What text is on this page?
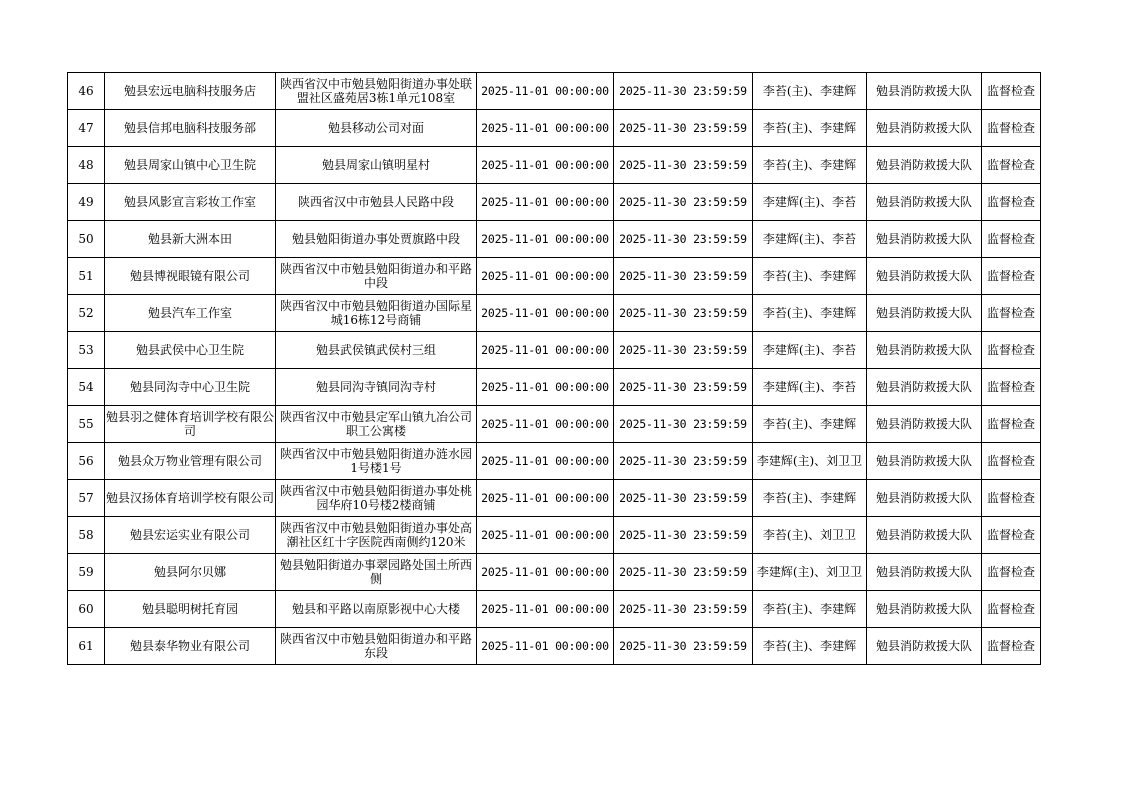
46	勉县宏远电脑科技服务店	陕西省汉中市勉县勉阳街道办事处联盟社区盛苑居3栋1单元108室	2025-11-01 00:00:00	2025-11-30 23:59:59	李苔(主)、李建辉	勉县消防救援大队	监督检查
47	勉县信邦电脑科技服务部	勉县移动公司对面	2025-11-01 00:00:00	2025-11-30 23:59:59	李苔(主)、李建辉	勉县消防救援大队	监督检查
48	勉县周家山镇中心卫生院	勉县周家山镇明星村	2025-11-01 00:00:00	2025-11-30 23:59:59	李苔(主)、李建辉	勉县消防救援大队	监督检查
49	勉县风影宣言彩妆工作室	陕西省汉中市勉县人民路中段	2025-11-01 00:00:00	2025-11-30 23:59:59	李建辉(主)、李苔	勉县消防救援大队	监督检查
50	勉县新大洲本田	勉县勉阳街道办事处贾旗路中段	2025-11-01 00:00:00	2025-11-30 23:59:59	李建辉(主)、李苔	勉县消防救援大队	监督检查
51	勉县博视眼镜有限公司	陕西省汉中市勉县勉阳街道办和平路中段	2025-11-01 00:00:00	2025-11-30 23:59:59	李苔(主)、李建辉	勉县消防救援大队	监督检查
52	勉县汽车工作室	陕西省汉中市勉县勉阳街道办国际星城16栋12号商铺	2025-11-01 00:00:00	2025-11-30 23:59:59	李苔(主)、李建辉	勉县消防救援大队	监督检查
53	勉县武侯中心卫生院	勉县武侯镇武侯村三组	2025-11-01 00:00:00	2025-11-30 23:59:59	李建辉(主)、李苔	勉县消防救援大队	监督检查
54	勉县同沟寺中心卫生院	勉县同沟寺镇同沟寺村	2025-11-01 00:00:00	2025-11-30 23:59:59	李建辉(主)、李苔	勉县消防救援大队	监督检查
55	勉县羽之健体育培训学校有限公司	陕西省汉中市勉县定军山镇九冶公司职工公寓楼	2025-11-01 00:00:00	2025-11-30 23:59:59	李苔(主)、李建辉	勉县消防救援大队	监督检查
56	勉县众万物业管理有限公司	陕西省汉中市勉县勉阳街道办涟水园1号楼1号	2025-11-01 00:00:00	2025-11-30 23:59:59	李建辉(主)、刘卫卫	勉县消防救援大队	监督检查
57	勉县汉扬体育培训学校有限公司	陕西省汉中市勉县勉阳街道办事处桃园华府10号楼2楼商铺	2025-11-01 00:00:00	2025-11-30 23:59:59	李苔(主)、李建辉	勉县消防救援大队	监督检查
58	勉县宏运实业有限公司	陕西省汉中市勉县勉阳街道办事处高潮社区红十字医院西南侧约120米	2025-11-01 00:00:00	2025-11-30 23:59:59	李苔(主)、刘卫卫	勉县消防救援大队	监督检查
59	勉县阿尔贝娜	勉县勉阳街道办事翠园路处国土所西侧	2025-11-01 00:00:00	2025-11-30 23:59:59	李建辉(主)、刘卫卫	勉县消防救援大队	监督检查
60	勉县聪明树托育园	勉县和平路以南原影视中心大楼	2025-11-01 00:00:00	2025-11-30 23:59:59	李苔(主)、李建辉	勉县消防救援大队	监督检查
61	勉县泰华物业有限公司	陕西省汉中市勉县勉阳街道办和平路东段	2025-11-01 00:00:00	2025-11-30 23:59:59	李苔(主)、李建辉	勉县消防救援大队	监督检查
